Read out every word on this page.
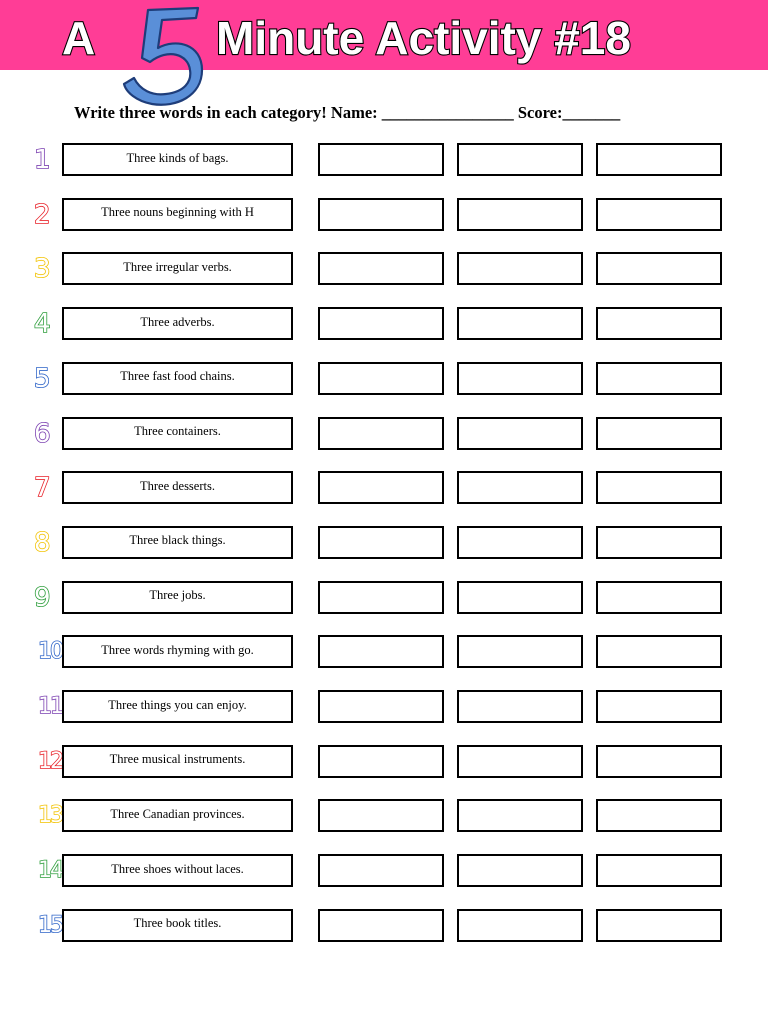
A	Minute Activity #18
Write three words in each category! Name: ________________ Score:_______
1	Three kinds of bags.
2	Three nouns beginning with H
3	Three irregular verbs.
4	Three adverbs.
5	Three fast food chains.
6	Three containers.
7	Three desserts.
8	Three black things.
9	Three jobs.
10	Three words rhyming with go.
11	Three things you can enjoy.
12	Three musical instruments.
13	Three Canadian provinces.
14	Three shoes without laces.
15	Three book titles.
